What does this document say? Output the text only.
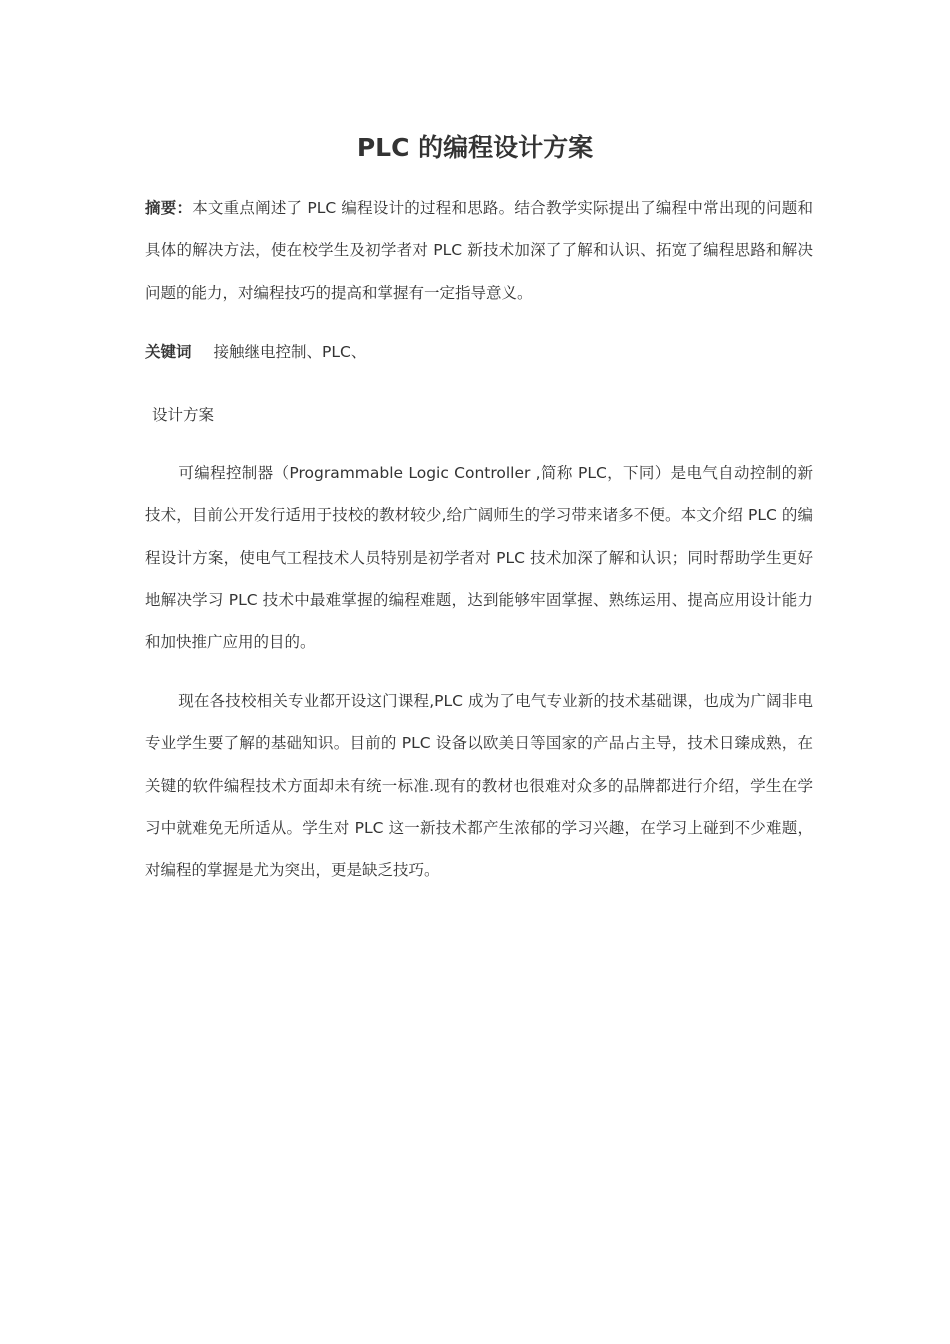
PLC 的编程设计方案

摘要：本文重点阐述了 PLC 编程设计的过程和思路。结合教学实际提出了编程中常出现的问题和具体的解决方法，使在校学生及初学者对 PLC 新技术加深了了解和认识、拓宽了编程思路和解决问题的能力，对编程技巧的提高和掌握有一定指导意义。

关键词 接触继电控制、PLC、

设计方案

可编程控制器（Programmable Logic Controller ,简称 PLC，下同）是电气自动控制的新技术，目前公开发行适用于技校的教材较少,给广阔师生的学习带来诸多不便。本文介绍 PLC 的编程设计方案，使电气工程技术人员特别是初学者对 PLC 技术加深了解和认识；同时帮助学生更好地解决学习 PLC 技术中最难掌握的编程难题，达到能够牢固掌握、熟练运用、提高应用设计能力和加快推广应用的目的。

现在各技校相关专业都开设这门课程,PLC 成为了电气专业新的技术基础课，也成为广阔非电专业学生要了解的基础知识。目前的 PLC 设备以欧美日等国家的产品占主导，技术日臻成熟，在关键的软件编程技术方面却未有统一标准.现有的教材也很难对众多的品牌都进行介绍，学生在学习中就难免无所适从。学生对 PLC 这一新技术都产生浓郁的学习兴趣，在学习上碰到不少难题，对编程的掌握是尤为突出，更是缺乏技巧。
